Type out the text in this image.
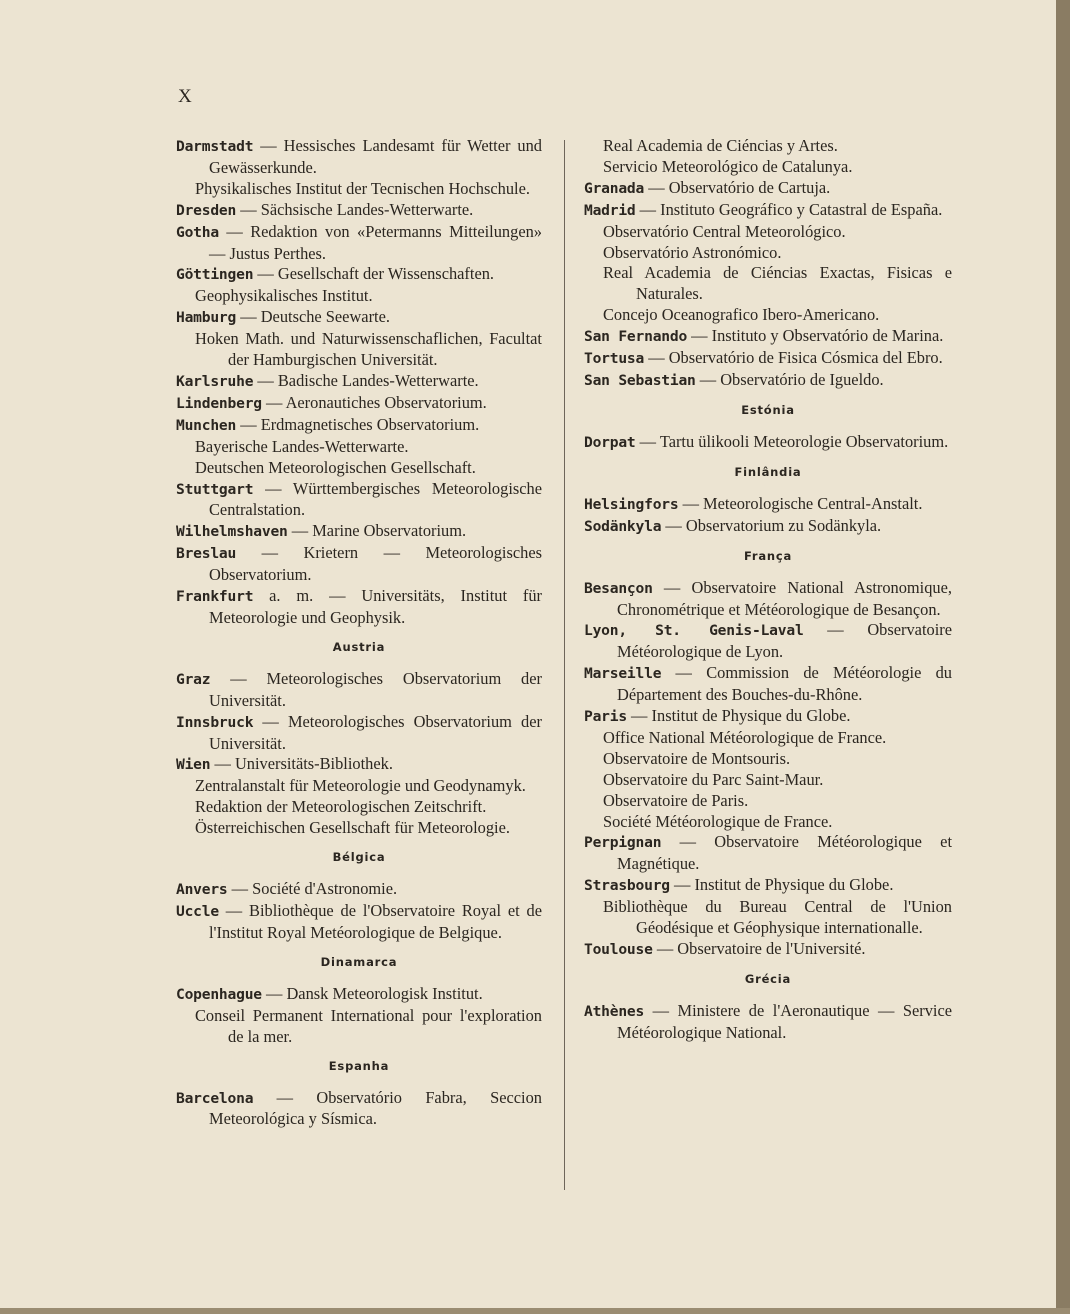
X

Darmstadt — Hessisches Landesamt für Wetter und Gewässerkunde.

Physikalisches Institut der Tecnischen Hochschule.

Dresden — Sächsische Landes-Wetterwarte.

Gotha — Redaktion von «Petermanns Mitteilungen» — Justus Perthes.

Göttingen — Gesellschaft der Wissenschaften.

Geophysikalisches Institut.

Hamburg — Deutsche Seewarte.

Hoken Math. und Naturwissenschaflichen, Facultat der Hamburgischen Universität.

Karlsruhe — Badische Landes-Wetterwarte.

Lindenberg — Aeronautiches Observatorium.

Munchen — Erdmagnetisches Observatorium.

Bayerische Landes-Wetterwarte.

Deutschen Meteorologischen Gesellschaft.

Stuttgart — Württembergisches Meteorologische Centralstation.

Wilhelmshaven — Marine Observatorium.

Breslau — Krietern — Meteorologisches Observatorium.

Frankfurt a. m. — Universitäts, Institut für Meteorologie und Geophysik.

Austria

Graz — Meteorologisches Observatorium der Universität.

Innsbruck — Meteorologisches Observatorium der Universität.

Wien — Universitäts-Bibliothek.

Zentralanstalt für Meteorologie und Geodynamyk.

Redaktion der Meteorologischen Zeitschrift.

Österreichischen Gesellschaft für Meteorologie.

Bélgica

Anvers — Société d'Astronomie.

Uccle — Bibliothèque de l'Observatoire Royal et de l'Institut Royal Metéorologique de Belgique.

Dinamarca

Copenhague — Dansk Meteorologisk Institut.

Conseil Permanent International pour l'exploration de la mer.

Espanha

Barcelona — Observatório Fabra, Seccion Meteorológica y Sísmica.

Real Academia de Ciéncias y Artes.

Servicio Meteorológico de Catalunya.

Granada — Observatório de Cartuja.

Madrid — Instituto Geográfico y Catastral de España.

Observatório Central Meteorológico.

Observatório Astronómico.

Real Academia de Ciéncias Exactas, Fisicas e Naturales.

Concejo Oceanografico Ibero-Americano.

San Fernando — Instituto y Observatório de Marina.

Tortusa — Observatório de Fisica Cósmica del Ebro.

San Sebastian — Observatório de Igueldo.

Estónia

Dorpat — Tartu ülikooli Meteorologie Observatorium.

Finlândia

Helsingfors — Meteorologische Central-Anstalt.

Sodänkyla — Observatorium zu Sodänkyla.

França

Besançon — Observatoire National Astronomique, Chronométrique et Météorologique de Besançon.

Lyon, St. Genis-Laval — Observatoire Météorologique de Lyon.

Marseille — Commission de Météorologie du Département des Bouches-du-Rhône.

Paris — Institut de Physique du Globe.

Office National Météorologique de France.

Observatoire de Montsouris.

Observatoire du Parc Saint-Maur.

Observatoire de Paris.

Société Météorologique de France.

Perpignan — Observatoire Météorologique et Magnétique.

Strasbourg — Institut de Physique du Globe.

Bibliothèque du Bureau Central de l'Union Géodésique et Géophysique internationalle.

Toulouse — Observatoire de l'Université.

Grécia

Athènes — Ministere de l'Aeronautique — Service Météorologique National.
